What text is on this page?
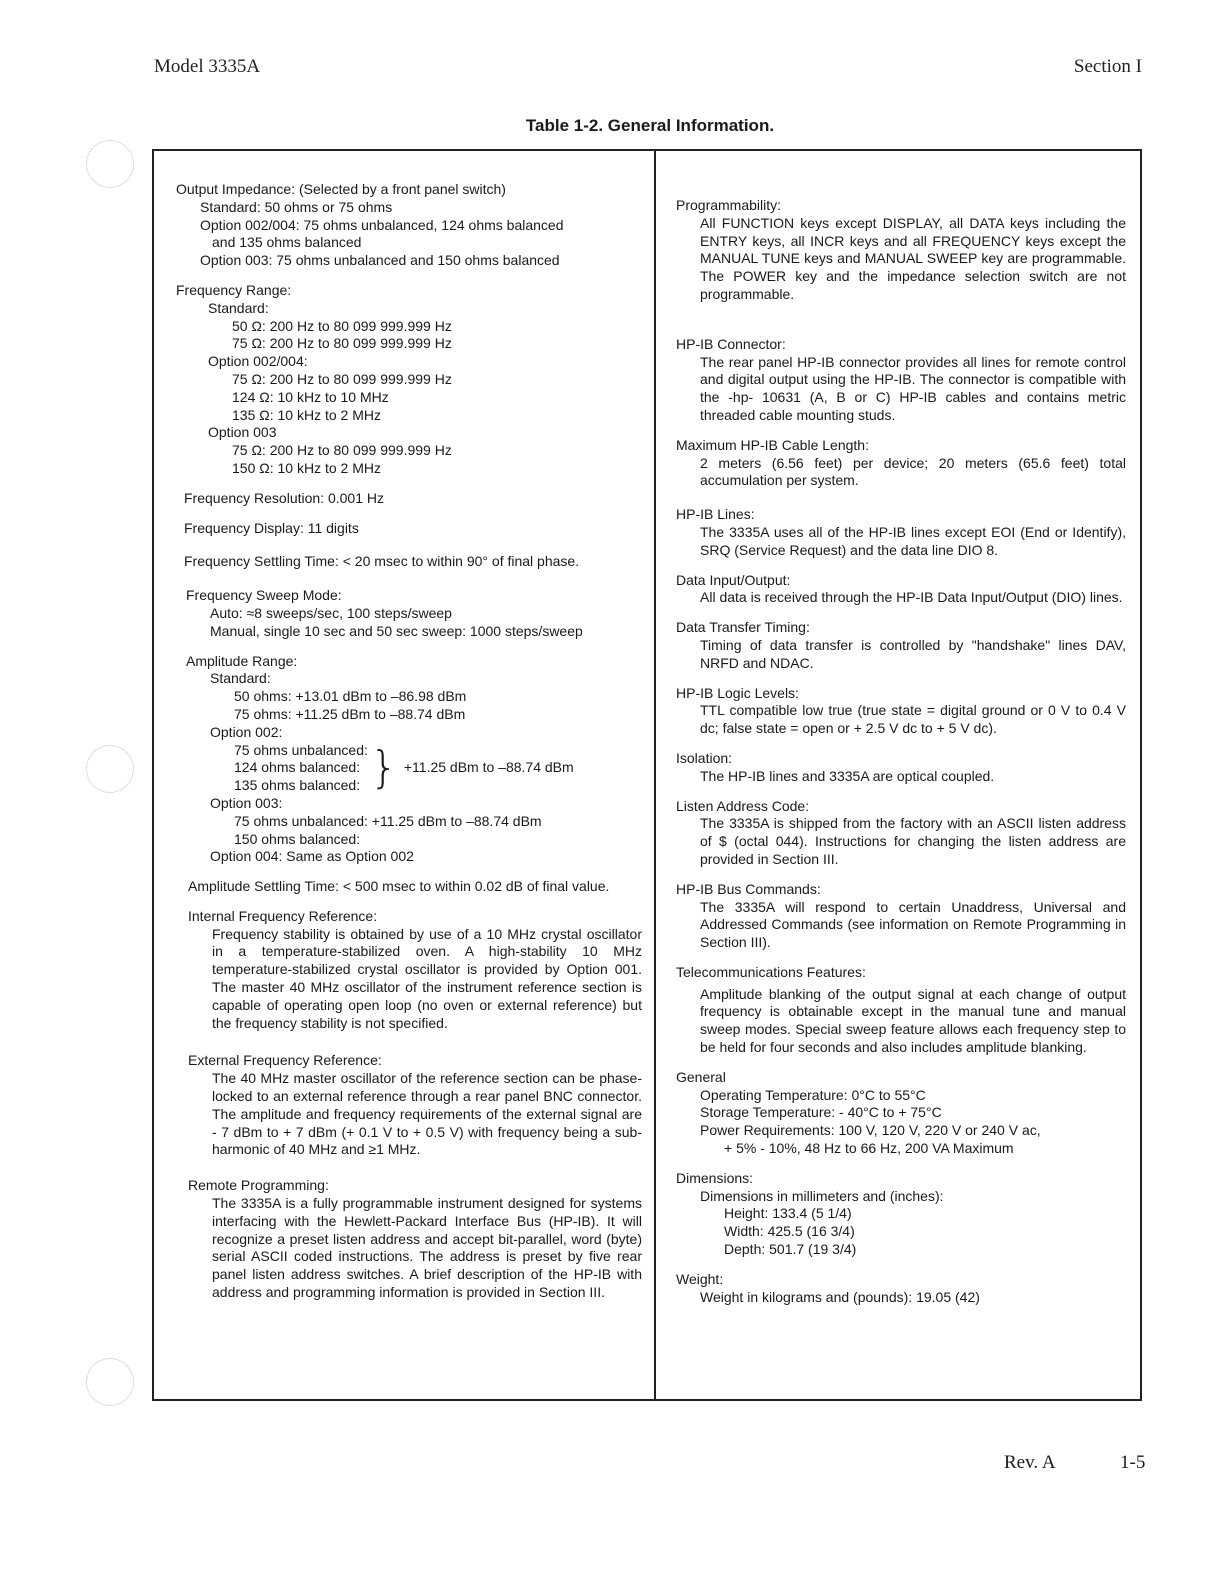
Model 3335A	Section I
Table 1-2. General Information.
Output Impedance: (Selected by a front panel switch)
Standard: 50 ohms or 75 ohms
Option 002/004: 75 ohms unbalanced, 124 ohms balanced
and 135 ohms balanced
Option 003: 75 ohms unbalanced and 150 ohms balanced
Frequency Range:
Standard:
50 Ω: 200 Hz to 80 099 999.999 Hz
75 Ω: 200 Hz to 80 099 999.999 Hz
Option 002/004:
75 Ω: 200 Hz to 80 099 999.999 Hz
124 Ω: 10 kHz to 10 MHz
135 Ω: 10 kHz to 2 MHz
Option 003
75 Ω: 200 Hz to 80 099 999.999 Hz
150 Ω: 10 kHz to 2 MHz
Frequency Resolution: 0.001 Hz
Frequency Display: 11 digits
Frequency Settling Time: < 20 msec to within 90° of final phase.
Frequency Sweep Mode:
Auto: ≈8 sweeps/sec, 100 steps/sweep
Manual, single 10 sec and 50 sec sweep: 1000 steps/sweep
Amplitude Range:
Standard:
50 ohms: +13.01 dBm to –86.98 dBm
75 ohms: +11.25 dBm to –88.74 dBm
Option 002:
75 ohms unbalanced:
124 ohms balanced:
135 ohms balanced: } +11.25 dBm to –88.74 dBm
Option 003:
75 ohms unbalanced: +11.25 dBm to –88.74 dBm
150 ohms balanced:
Option 004: Same as Option 002
Amplitude Settling Time: < 500 msec to within 0.02 dB of final value.
Internal Frequency Reference:
Frequency stability is obtained by use of a 10 MHz crystal oscillator in a temperature-stabilized oven. A high-stability 10 MHz temperature-stabilized crystal oscillator is provided by Option 001. The master 40 MHz oscillator of the instrument reference section is capable of operating open loop (no oven or external reference) but the frequency stability is not specified.
External Frequency Reference:
The 40 MHz master oscillator of the reference section can be phase-locked to an external reference through a rear panel BNC connector. The amplitude and frequency requirements of the external signal are - 7 dBm to + 7 dBm (+ 0.1 V to + 0.5 V) with frequency being a sub-harmonic of 40 MHz and ≥1 MHz.
Remote Programming:
The 3335A is a fully programmable instrument designed for systems interfacing with the Hewlett-Packard Interface Bus (HP-IB). It will recognize a preset listen address and accept bit-parallel, word (byte) serial ASCII coded instructions. The address is preset by five rear panel listen address switches. A brief description of the HP-IB with address and programming information is provided in Section III.
Programmability:
All FUNCTION keys except DISPLAY, all DATA keys including the ENTRY keys, all INCR keys and all FREQUENCY keys except the MANUAL TUNE keys and MANUAL SWEEP key are programmable. The POWER key and the impedance selection switch are not programmable.
HP-IB Connector:
The rear panel HP-IB connector provides all lines for remote control and digital output using the HP-IB. The connector is compatible with the -hp- 10631 (A, B or C) HP-IB cables and contains metric threaded cable mounting studs.
Maximum HP-IB Cable Length:
2 meters (6.56 feet) per device; 20 meters (65.6 feet) total accumulation per system.
HP-IB Lines:
The 3335A uses all of the HP-IB lines except EOI (End or Identify), SRQ (Service Request) and the data line DIO 8.
Data Input/Output:
All data is received through the HP-IB Data Input/Output (DIO) lines.
Data Transfer Timing:
Timing of data transfer is controlled by "handshake" lines DAV, NRFD and NDAC.
HP-IB Logic Levels:
TTL compatible low true (true state = digital ground or 0 V to 0.4 V dc; false state = open or + 2.5 V dc to + 5 V dc).
Isolation:
The HP-IB lines and 3335A are optical coupled.
Listen Address Code:
The 3335A is shipped from the factory with an ASCII listen address of $ (octal 044). Instructions for changing the listen address are provided in Section III.
HP-IB Bus Commands:
The 3335A will respond to certain Unaddress, Universal and Addressed Commands (see information on Remote Programming in Section III).
Telecommunications Features:
Amplitude blanking of the output signal at each change of output frequency is obtainable except in the manual tune and manual sweep modes. Special sweep feature allows each frequency step to be held for four seconds and also includes amplitude blanking.
General
Operating Temperature: 0°C to 55°C
Storage Temperature: - 40°C to + 75°C
Power Requirements: 100 V, 120 V, 220 V or 240 V ac,
+ 5% - 10%, 48 Hz to 66 Hz, 200 VA Maximum
Dimensions:
Dimensions in millimeters and (inches):
Height: 133.4 (5 1/4)
Width: 425.5 (16 3/4)
Depth: 501.7 (19 3/4)
Weight:
Weight in kilograms and (pounds): 19.05 (42)
Rev. A	1-5
